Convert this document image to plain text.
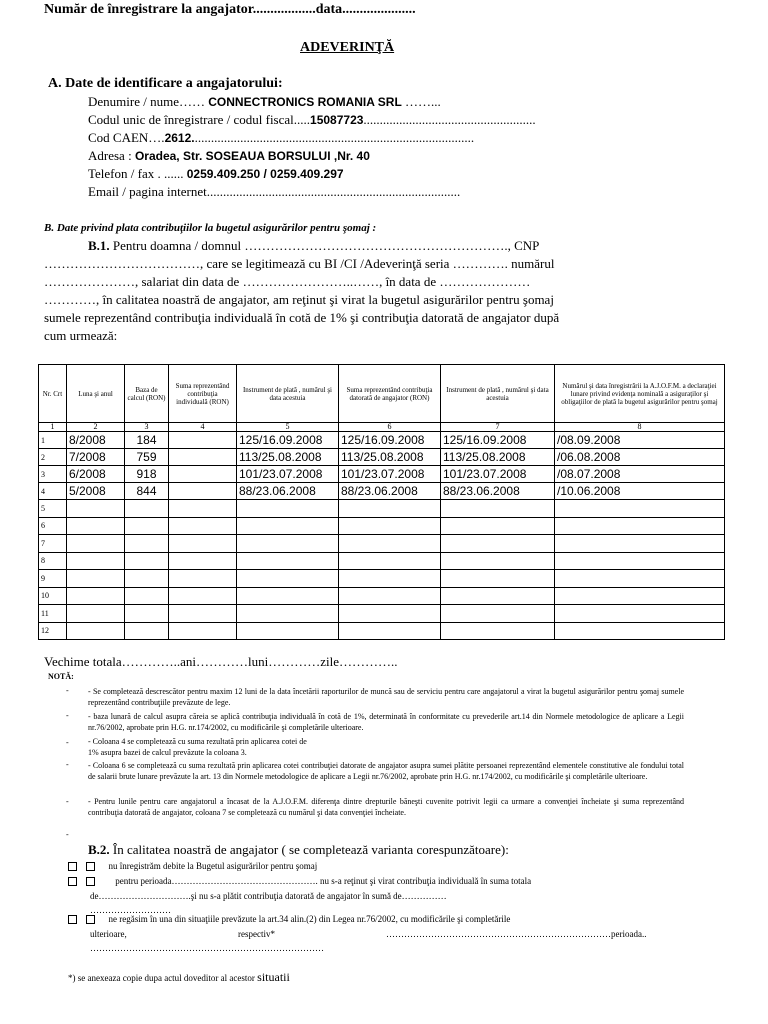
Număr de înregistrare la angajator..................data.....................
ADEVERINŢĂ
A. Date de identificare a angajatorului:
Denumire / nume…… CONNECTRONICS ROMANIA SRL ……...
Codul unic de înregistrare / codul fiscal.....15087723.....................................................
Cod CAEN….2612.......................................................................................
Adresa : Oradea, Str. SOSEAUA BORSULUI ,Nr. 40
Telefon / fax . ...... 0259.409.250 / 0259.409.297
Email / pagina internet..............................................................................
B. Date privind plata contribuţiilor la bugetul asigurărilor pentru şomaj :
B.1. Pentru doamna / domnul ……………………………………………………., CNP
………………………………, care se legitimează cu BI /CI /Adeverinţă seria …………. numărul
…………………, salariat din data de ……………………..……, în data de …………………
…………, în calitatea noastră de angajator, am reţinut şi virat la bugetul asigurărilor pentru şomaj
sumele reprezentând contribuţia individuală în cotă de 1% şi contribuţia datorată de angajator după
cum urmează:
Nr. Crt	Luna şi anul	Baza de calcul (RON)	Suma reprezentând contribuţia individuală (RON)	Instrument de plată , numărul şi data acestuia	Suma reprezentând contribuţia datorată de angajator (RON)	Instrument de plată , numărul şi data acestuia	Numărul şi data înregistrării la A.J.O.F.M. a declaraţiei lunare privind evidenţa nominală a asiguraţilor şi obligaţiilor de plată la bugetul asigurărilor pentru şomaj
1	2	3	4	5	6	7	8
1	8/2008	184		125/16.09.2008	125/16.09.2008	125/16.09.2008	/08.09.2008
2	7/2008	759		113/25.08.2008	113/25.08.2008	113/25.08.2008	/06.08.2008
3	6/2008	918		101/23.07.2008	101/23.07.2008	101/23.07.2008	/08.07.2008
4	5/2008	844		88/23.06.2008	88/23.06.2008	88/23.06.2008	/10.06.2008
5							
6							
7							
8							
9							
10							
11							
12							
Vechime totala…………..ani…………luni…………zile…………..
NOTĂ:
- - Se completează descrescător pentru maxim 12 luni de la data încetării raporturilor de muncă sau de serviciu pentru care angajatorul a virat la bugetul asigurărilor pentru şomaj sumele reprezentând contribuţiile prevăzute de lege.
- - baza lunară de calcul asupra căreia se aplică contribuţia individuală în cotă de 1%, determinată în conformitate cu prevederile art.14 din Normele metodologice de aplicare a Legii nr.76/2002, aprobate prin H.G. nr.174/2002, cu modificările şi completările ulterioare.
- - Coloana 4 se completează cu suma rezultată prin aplicarea cotei de
1% asupra bazei de calcul prevăzute la coloana 3.
- - Coloana 6 se completează cu suma rezultată prin aplicarea cotei contribuţiei datorate de angajator asupra sumei plătite persoanei reprezentând elementele constitutive ale fondului total de salarii brute lunare prevăzute la art. 13 din Normele metodologice de aplicare a Legii nr.76/2002, aprobate prin H.G. nr.174/2002, cu modificările şi completările ulterioare.
- - Pentru lunile pentru care angajatorul a încasat de la A.J.O.F.M. diferenţa dintre drepturile băneşti cuvenite potrivit legii ca urmare a convenţiei încheiate şi suma reprezentând contribuţia datorată de angajator, coloana 7 se completează cu numărul şi data convenţiei încheiate.
-
B.2. În calitatea noastră de angajator ( se completează varianta corespunzătoare):
nu înregistrăm debite la Bugetul asigurărilor pentru şomaj
pentru perioada…………………………………………. nu s-a reţinut şi virat contribuţia individuală în suma totala
de………………………….şi nu s-a plătit contribuţia datorată de angajator în sumă de……………
………………………
ne regăsim în una din situaţiile prevăzute la art.34 alin.(2) din Legea nr.76/2002, cu modificările şi completările
ulterioare,	respectiv*	…………………………………………………………………perioada..
……………………………………………………………………
*) se anexeaza copie dupa actul doveditor al acestor situatii
